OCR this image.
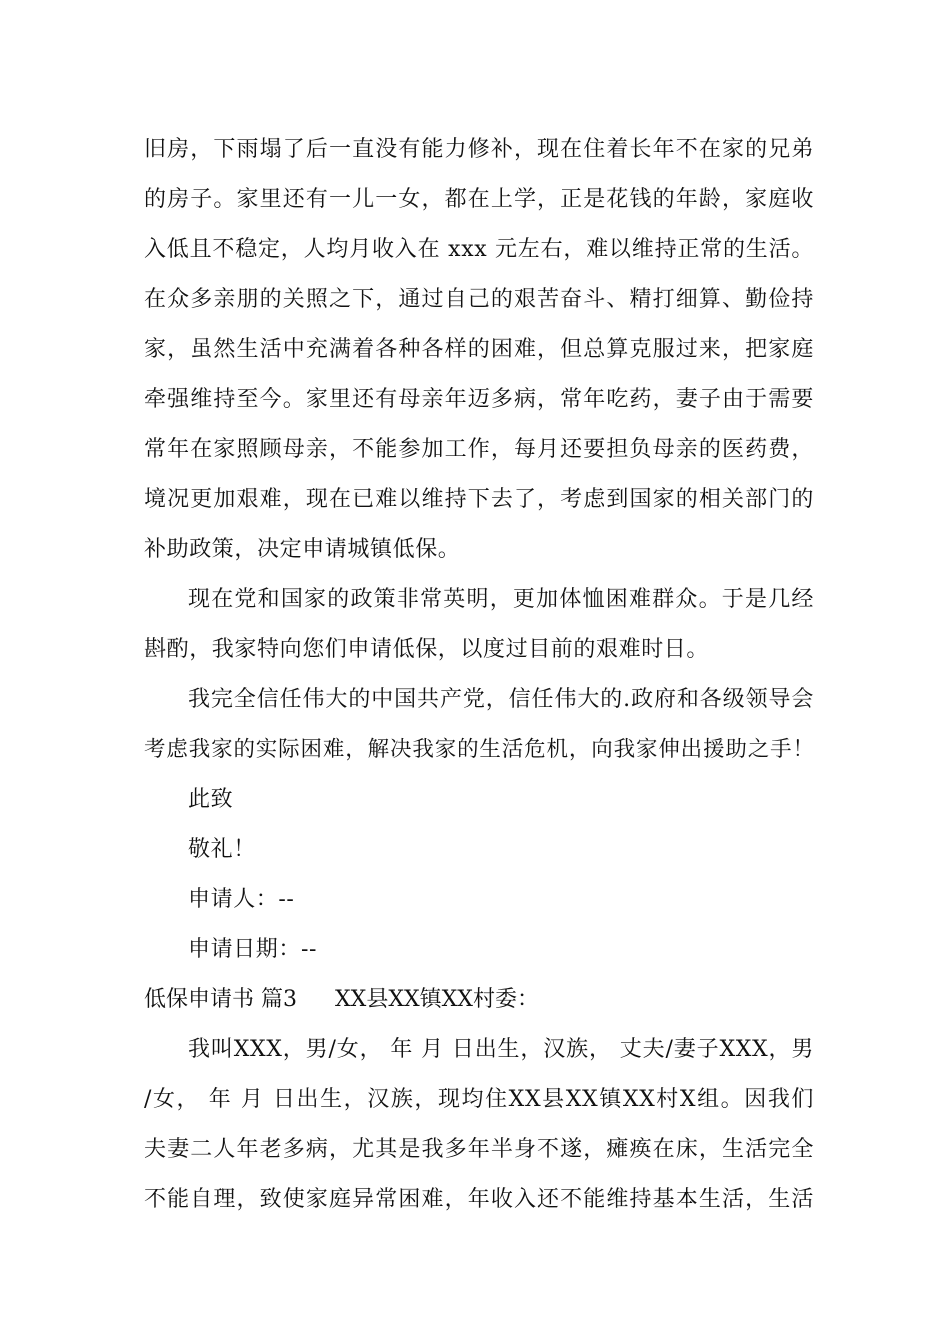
旧房，下雨塌了后一直没有能力修补，现在住着长年不在家的兄弟
的房子。家里还有一儿一女，都在上学，正是花钱的年龄，家庭收
入低且不稳定，人均月收入在 xxx 元左右，难以维持正常的生活。
在众多亲朋的关照之下，通过自己的艰苦奋斗、精打细算、勤俭持
家，虽然生活中充满着各种各样的困难，但总算克服过来，把家庭
牵强维持至今。家里还有母亲年迈多病，常年吃药，妻子由于需要
常年在家照顾母亲，不能参加工作，每月还要担负母亲的医药费，
境况更加艰难，现在已难以维持下去了，考虑到国家的相关部门的
补助政策，决定申请城镇低保。
现在党和国家的政策非常英明，更加体恤困难群众。于是几经
斟酌，我家特向您们申请低保，以度过目前的艰难时日。
我完全信任伟大的中国共产党，信任伟大的.政府和各级领导会
考虑我家的实际困难，解决我家的生活危机，向我家伸出援助之手！
此致
敬礼！
申请人：--
申请日期：--
低保申请书 篇3 XX县XX镇XX村委：
我叫XXX，男/女， 年 月 日出生，汉族， 丈夫/妻子XXX，男
/女， 年 月 日出生，汉族，现均住XX县XX镇XX村X组。因我们
夫妻二人年老多病，尤其是我多年半身不遂，瘫痪在床，生活完全
不能自理，致使家庭异常困难，年收入还不能维持基本生活，生活
